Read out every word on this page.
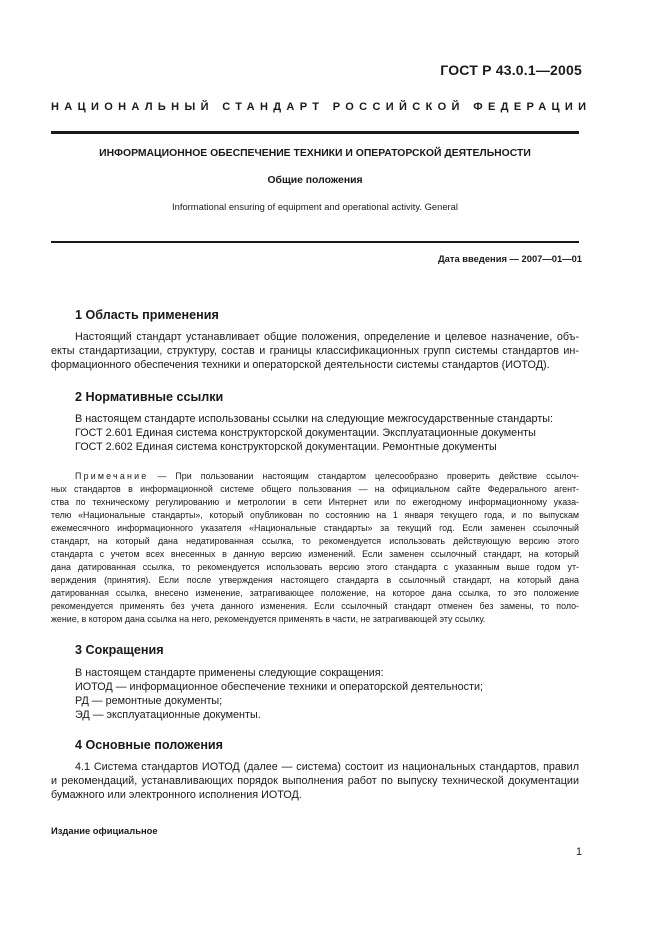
ГОСТ Р 43.0.1—2005
НАЦИОНАЛЬНЫЙ СТАНДАРТ РОССИЙСКОЙ ФЕДЕРАЦИИ
ИНФОРМАЦИОННОЕ ОБЕСПЕЧЕНИЕ ТЕХНИКИ И ОПЕРАТОРСКОЙ ДЕЯТЕЛЬНОСТИ
Общие положения
Informational ensuring of equipment and operational activity. General
Дата введения — 2007—01—01
1 Область применения
Настоящий стандарт устанавливает общие положения, определение и целевое назначение, объ-
екты стандартизации, структуру, состав и границы классификационных групп системы стандартов ин-
формационного обеспечения техники и операторской деятельности системы стандартов (ИОТОД).
2 Нормативные ссылки
В настоящем стандарте использованы ссылки на следующие межгосударственные стандарты:
ГОСТ 2.601 Единая система конструкторской документации. Эксплуатационные документы
ГОСТ 2.602 Единая система конструкторской документации. Ремонтные документы
Примечание — При пользовании настоящим стандартом целесообразно проверить действие ссылоч-
ных стандартов в информационной системе общего пользования — на официальном сайте Федерального агент-
ства по техническому регулированию и метрологии в сети Интернет или по ежегодному информационному указа-
телю «Национальные стандарты», который опубликован по состоянию на 1 января текущего года, и по выпускам
ежемесячного информационного указателя «Национальные стандарты» за текущий год. Если заменен ссылочный
стандарт, на который дана недатированная ссылка, то рекомендуется использовать действующую версию этого
стандарта с учетом всех внесенных в данную версию изменений. Если заменен ссылочный стандарт, на который
дана датированная ссылка, то рекомендуется использовать версию этого стандарта с указанным выше годом ут-
верждения (принятия). Если после утверждения настоящего стандарта в ссылочный стандарт, на который дана
датированная ссылка, внесено изменение, затрагивающее положение, на которое дана ссылка, то это положение
рекомендуется применять без учета данного изменения. Если ссылочный стандарт отменен без замены, то поло-
жение, в котором дана ссылка на него, рекомендуется применять в части, не затрагивающей эту ссылку.
3 Сокращения
В настоящем стандарте применены следующие сокращения:
ИОТОД — информационное обеспечение техники и операторской деятельности;
РД — ремонтные документы;
ЭД — эксплуатационные документы.
4 Основные положения
4.1 Система стандартов ИОТОД (далее — система) состоит из национальных стандартов, правил
и рекомендаций, устанавливающих порядок выполнения работ по выпуску технической документации
бумажного или электронного исполнения ИОТОД.
Издание официальное
1
